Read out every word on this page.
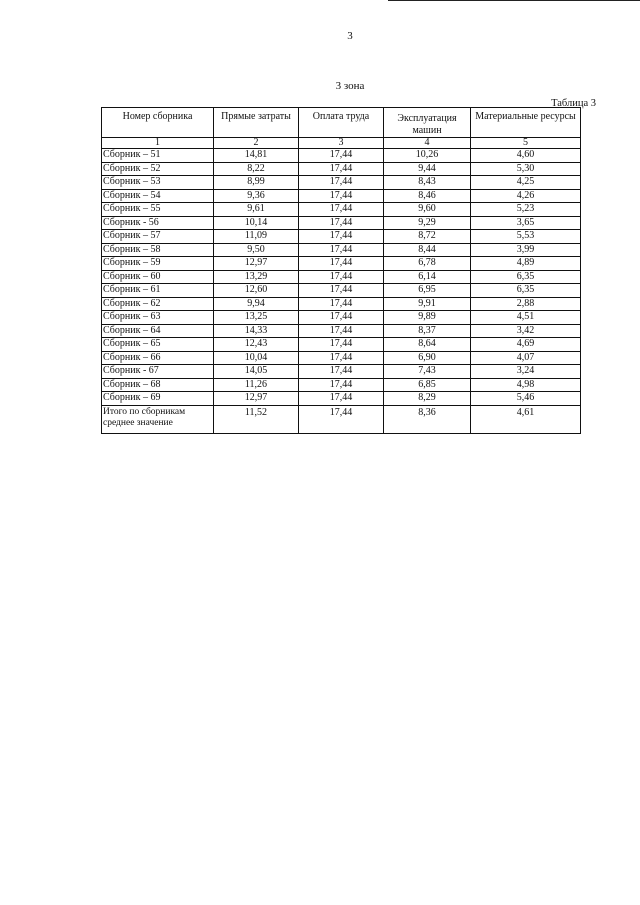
3
3 зона
Таблица 3
Номер сборника	Прямые затраты	Оплата труда	Эксплуатация машин	Материальные ресурсы
1	2	3	4	5
Сборник – 51	14,81	17,44	10,26	4,60
Сборник – 52	8,22	17,44	9,44	5,30
Сборник – 53	8,99	17,44	8,43	4,25
Сборник – 54	9,36	17,44	8,46	4,26
Сборник – 55	9,61	17,44	9,60	5,23
Сборник - 56	10,14	17,44	9,29	3,65
Сборник – 57	11,09	17,44	8,72	5,53
Сборник – 58	9,50	17,44	8,44	3,99
Сборник – 59	12,97	17,44	6,78	4,89
Сборник – 60	13,29	17,44	6,14	6,35
Сборник – 61	12,60	17,44	6,95	6,35
Сборник – 62	9,94	17,44	9,91	2,88
Сборник – 63	13,25	17,44	9,89	4,51
Сборник – 64	14,33	17,44	8,37	3,42
Сборник – 65	12,43	17,44	8,64	4,69
Сборник – 66	10,04	17,44	6,90	4,07
Сборник - 67	14,05	17,44	7,43	3,24
Сборник – 68	11,26	17,44	6,85	4,98
Сборник – 69	12,97	17,44	8,29	5,46
Итого по сборникам среднее значение	11,52	17,44	8,36	4,61
